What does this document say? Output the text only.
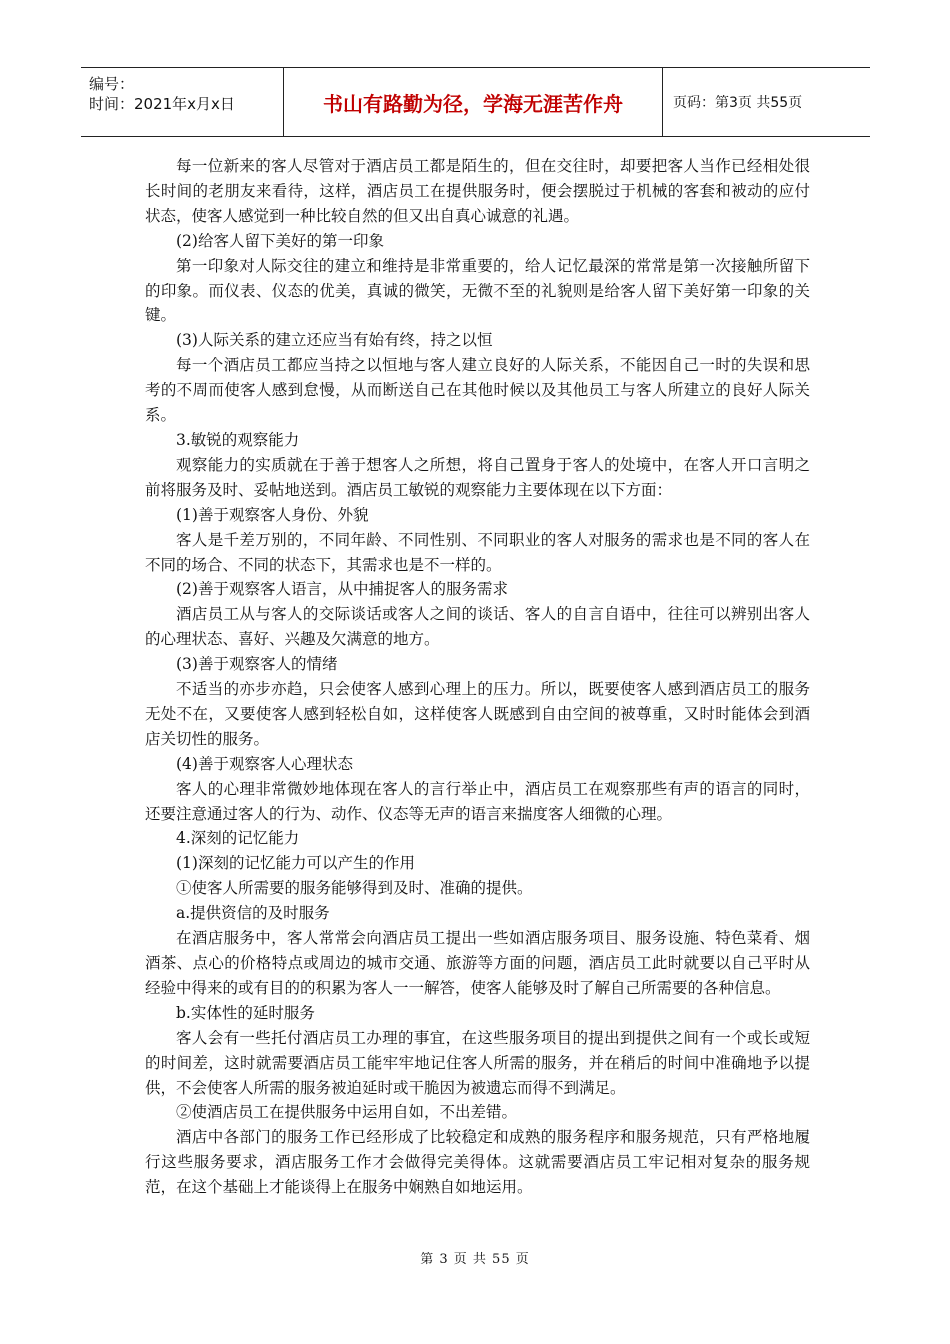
编号：
时间：2021年x月x日	书山有路勤为径，学海无涯苦作舟	页码：第3页 共55页

每一位新来的客人尽管对于酒店员工都是陌生的，但在交往时，却要把客人当作已经相处很长时间的老朋友来看待，这样，酒店员工在提供服务时，便会摆脱过于机械的客套和被动的应付状态，使客人感觉到一种比较自然的但又出自真心诚意的礼遇。

(2)给客人留下美好的第一印象

第一印象对人际交往的建立和维持是非常重要的，给人记忆最深的常常是第一次接触所留下的印象。而仪表、仪态的优美，真诚的微笑，无微不至的礼貌则是给客人留下美好第一印象的关键。

(3)人际关系的建立还应当有始有终，持之以恒

每一个酒店员工都应当持之以恒地与客人建立良好的人际关系，不能因自己一时的失误和思考的不周而使客人感到怠慢，从而断送自己在其他时候以及其他员工与客人所建立的良好人际关系。

3.敏锐的观察能力

观察能力的实质就在于善于想客人之所想，将自己置身于客人的处境中，在客人开口言明之前将服务及时、妥帖地送到。酒店员工敏锐的观察能力主要体现在以下方面：

(1)善于观察客人身份、外貌

客人是千差万别的，不同年龄、不同性别、不同职业的客人对服务的需求也是不同的客人在不同的场合、不同的状态下，其需求也是不一样的。

(2)善于观察客人语言，从中捕捉客人的服务需求

酒店员工从与客人的交际谈话或客人之间的谈话、客人的自言自语中，往往可以辨别出客人的心理状态、喜好、兴趣及欠满意的地方。

(3)善于观察客人的情绪

不适当的亦步亦趋，只会使客人感到心理上的压力。所以，既要使客人感到酒店员工的服务无处不在，又要使客人感到轻松自如，这样使客人既感到自由空间的被尊重，又时时能体会到酒店关切性的服务。

(4)善于观察客人心理状态

客人的心理非常微妙地体现在客人的言行举止中，酒店员工在观察那些有声的语言的同时，还要注意通过客人的行为、动作、仪态等无声的语言来揣度客人细微的心理。

4.深刻的记忆能力

(1)深刻的记忆能力可以产生的作用

①使客人所需要的服务能够得到及时、准确的提供。

a.提供资信的及时服务

在酒店服务中，客人常常会向酒店员工提出一些如酒店服务项目、服务设施、特色菜肴、烟酒茶、点心的价格特点或周边的城市交通、旅游等方面的问题，酒店员工此时就要以自己平时从经验中得来的或有目的的积累为客人一一解答，使客人能够及时了解自己所需要的各种信息。

b.实体性的延时服务

客人会有一些托付酒店员工办理的事宜，在这些服务项目的提出到提供之间有一个或长或短的时间差，这时就需要酒店员工能牢牢地记住客人所需的服务，并在稍后的时间中准确地予以提供，不会使客人所需的服务被迫延时或干脆因为被遗忘而得不到满足。

②使酒店员工在提供服务中运用自如，不出差错。

酒店中各部门的服务工作已经形成了比较稳定和成熟的服务程序和服务规范，只有严格地履行这些服务要求，酒店服务工作才会做得完美得体。这就需要酒店员工牢记相对复杂的服务规范，在这个基础上才能谈得上在服务中娴熟自如地运用。

第 3 页 共 55 页
